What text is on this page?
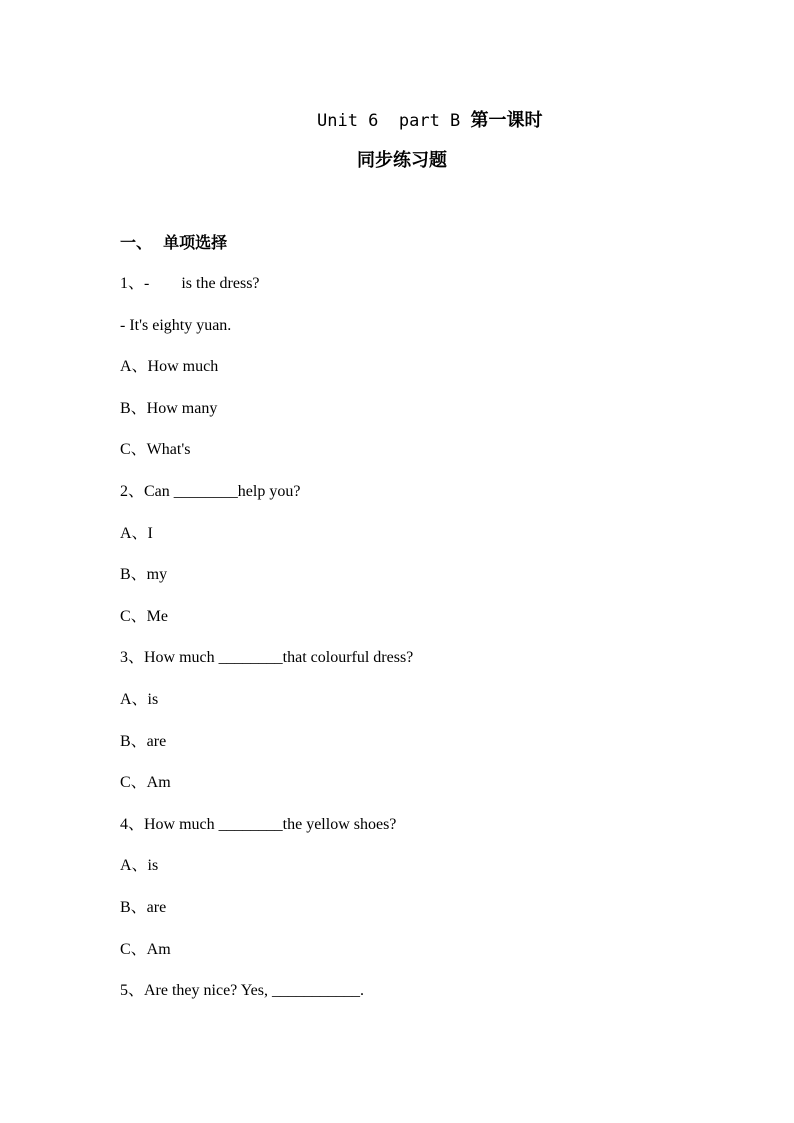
Unit 6  part B 第一课时
同步练习题
一、  单项选择
1、-        is the dress?
- It's eighty yuan.
A、How much
B、How many
C、What's
2、Can ________help you?
A、I
B、my
C、Me
3、How much ________that colourful dress?
A、is
B、are
C、Am
4、How much ________the yellow shoes?
A、is
B、are
C、Am
5、Are they nice? Yes, ___________.
